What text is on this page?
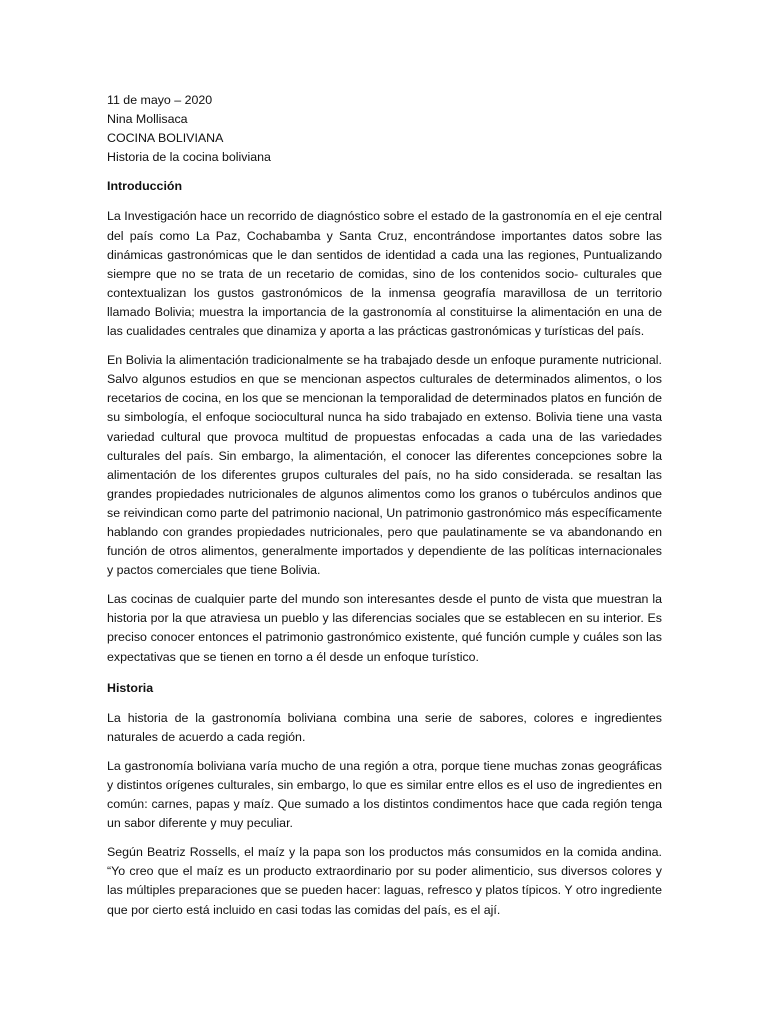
11 de mayo – 2020

Nina Mollisaca

COCINA BOLIVIANA

Historia de la cocina boliviana

Introducción

La Investigación hace un recorrido de diagnóstico sobre el estado de la gastronomía en el eje central del país como La Paz, Cochabamba y Santa Cruz, encontrándose importantes datos sobre las dinámicas gastronómicas que le dan sentidos de identidad a cada una las regiones, Puntualizando siempre que no se trata de un recetario de comidas, sino de los contenidos socio- culturales que contextualizan los gustos gastronómicos de la inmensa geografía maravillosa de un territorio llamado Bolivia; muestra la importancia de la gastronomía al constituirse la alimentación en una de las cualidades centrales que dinamiza y aporta a las prácticas gastronómicas y turísticas del país.

En Bolivia la alimentación tradicionalmente se ha trabajado desde un enfoque puramente nutricional. Salvo algunos estudios en que se mencionan aspectos culturales de determinados alimentos, o los recetarios de cocina, en los que se mencionan la temporalidad de determinados platos en función de su simbología, el enfoque sociocultural nunca ha sido trabajado en extenso. Bolivia tiene una vasta variedad cultural que provoca multitud de propuestas enfocadas a cada una de las variedades culturales del país. Sin embargo, la alimentación, el conocer las diferentes concepciones sobre la alimentación de los diferentes grupos culturales del país, no ha sido considerada. se resaltan las grandes propiedades nutricionales de algunos alimentos como los granos o tubérculos andinos que se reivindican como parte del patrimonio nacional, Un patrimonio gastronómico más específicamente hablando con grandes propiedades nutricionales, pero que paulatinamente se va abandonando en función de otros alimentos, generalmente importados y dependiente de las políticas internacionales y pactos comerciales que tiene Bolivia.

Las cocinas de cualquier parte del mundo son interesantes desde el punto de vista que muestran la historia por la que atraviesa un pueblo y las diferencias sociales que se establecen en su interior. Es preciso conocer entonces el patrimonio gastronómico existente, qué función cumple y cuáles son las expectativas que se tienen en torno a él desde un enfoque turístico.

Historia

La historia de la gastronomía boliviana combina una serie de sabores, colores e ingredientes naturales de acuerdo a cada región.

La gastronomía boliviana varía mucho de una región a otra, porque tiene muchas zonas geográficas y distintos orígenes culturales, sin embargo, lo que es similar entre ellos es el uso de ingredientes en común: carnes, papas y maíz. Que sumado a los distintos condimentos hace que cada región tenga un sabor diferente y muy peculiar.

Según Beatriz Rossells, el maíz y la papa son los productos más consumidos en la comida andina. “Yo creo que el maíz es un producto extraordinario por su poder alimenticio, sus diversos colores y las múltiples preparaciones que se pueden hacer: laguas, refresco y platos típicos. Y otro ingrediente que por cierto está incluido en casi todas las comidas del país, es el ají.
